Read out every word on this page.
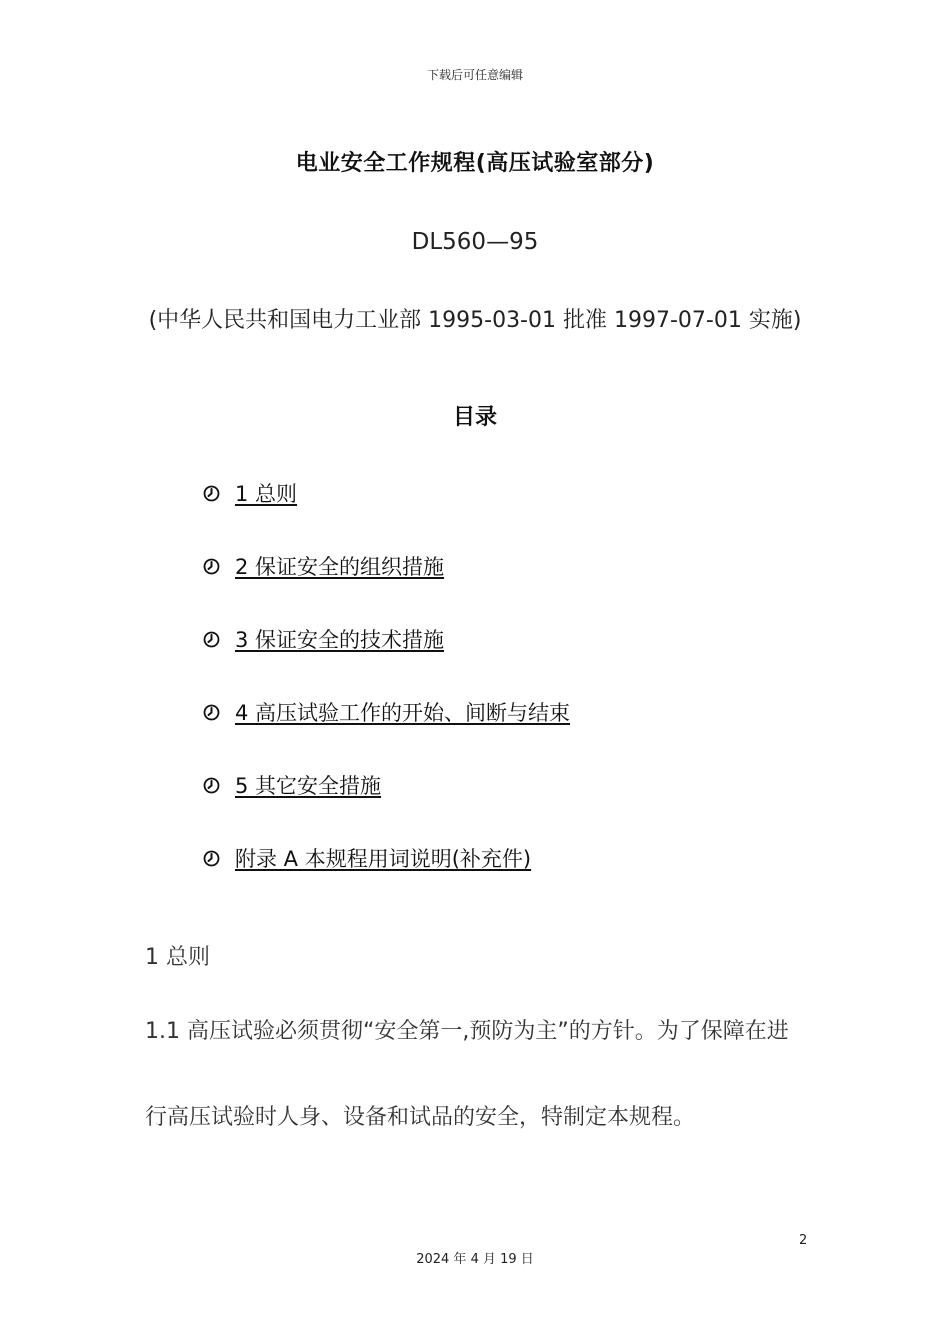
下载后可任意编辑
电业安全工作规程(高压试验室部分)
DL560—95
(中华人民共和国电力工业部 1995-03-01 批准 1997-07-01 实施)
目录
1 总则
2 保证安全的组织措施
3 保证安全的技术措施
4 高压试验工作的开始、间断与结束
5 其它安全措施
附录 A 本规程用词说明(补充件)
1 总则
1.1 高压试验必须贯彻“安全第一,预防为主”的方针。为了保障在进
行高压试验时人身、设备和试品的安全，特制定本规程。
2
2024 年 4 月 19 日
